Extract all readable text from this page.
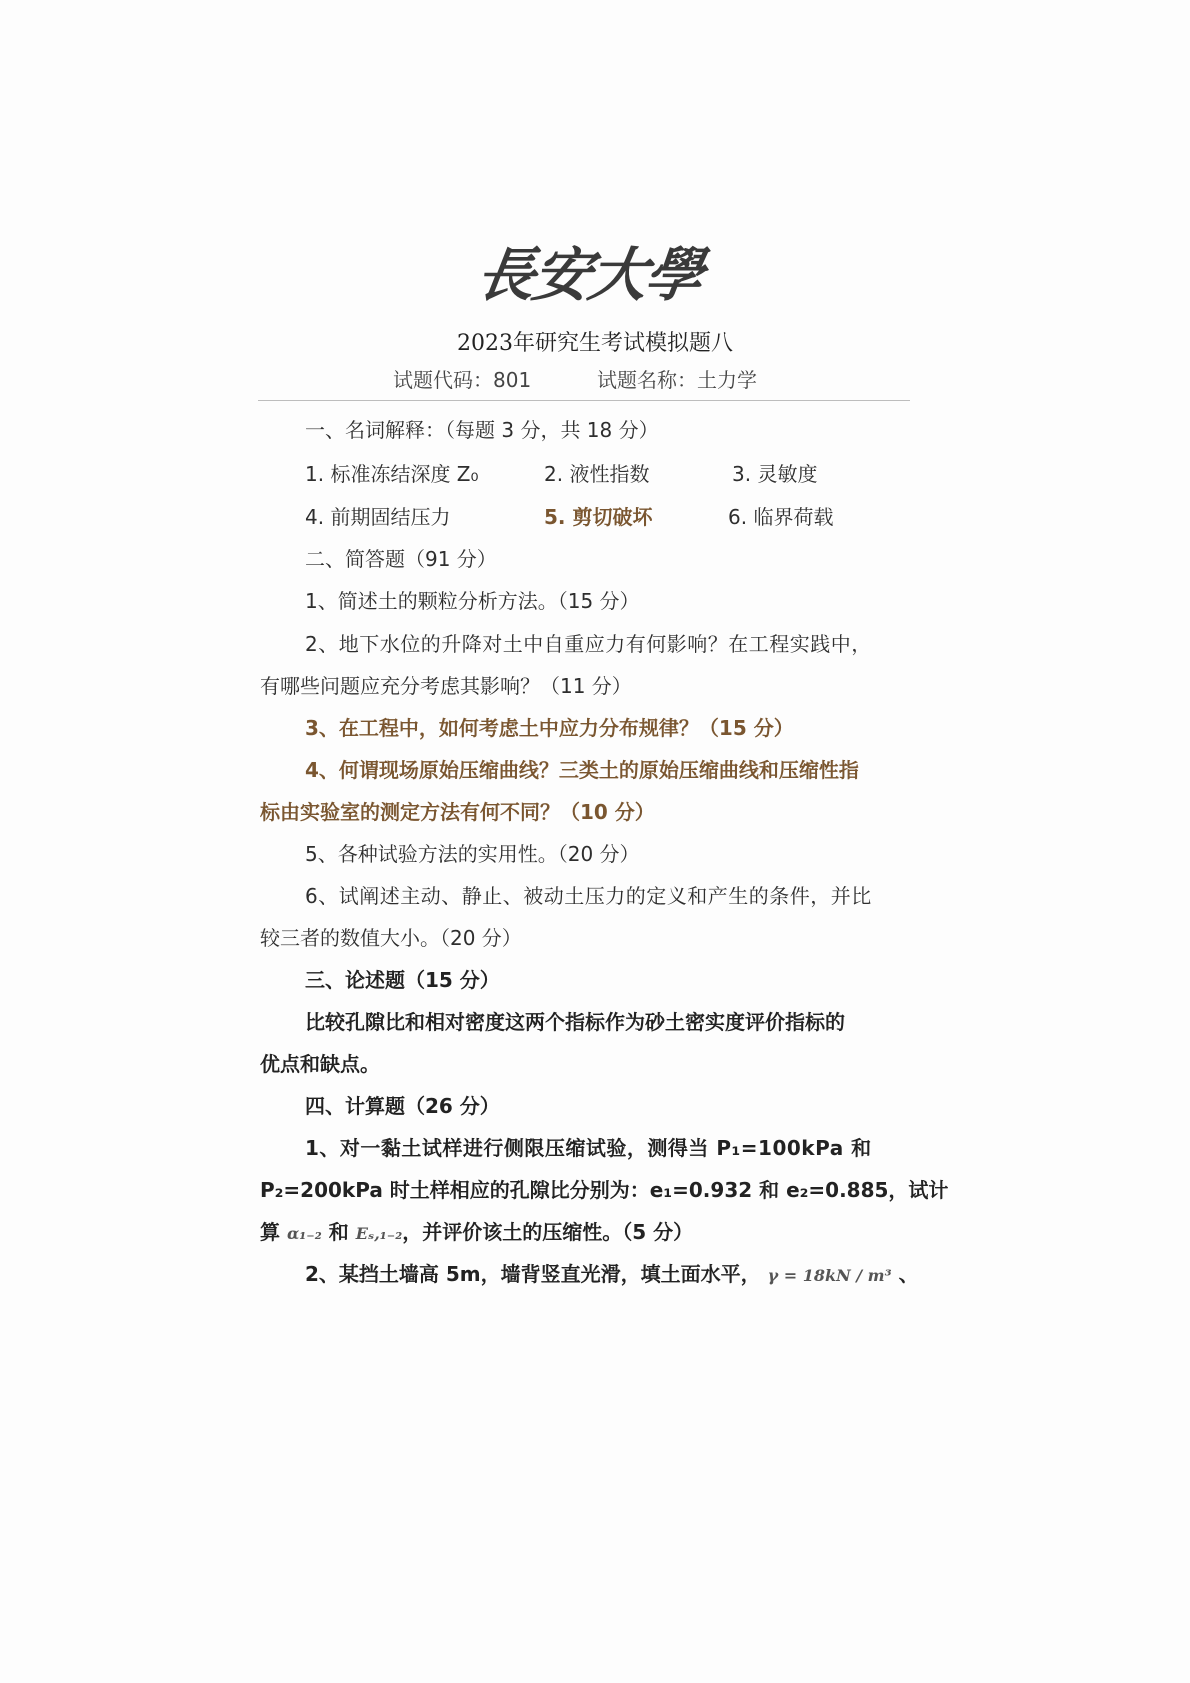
長安大學
2023年研究生考试模拟题八
试题代码：801	试题名称：土力学
一、名词解释：（每题 3 分，共 18 分）
1. 标准冻结深度 Z₀	2. 液性指数	3. 灵敏度
4. 前期固结压力	5. 剪切破坏	6. 临界荷载
二、简答题（91 分）
1、简述土的颗粒分析方法。（15 分）
2、地下水位的升降对土中自重应力有何影响？在工程实践中，
有哪些问题应充分考虑其影响？（11 分）
3、在工程中，如何考虑土中应力分布规律？（15 分）
4、何谓现场原始压缩曲线？三类土的原始压缩曲线和压缩性指
标由实验室的测定方法有何不同？（10 分）
5、各种试验方法的实用性。（20 分）
6、试阐述主动、静止、被动土压力的定义和产生的条件，并比
较三者的数值大小。（20 分）
三、论述题（15 分）
比较孔隙比和相对密度这两个指标作为砂土密实度评价指标的
优点和缺点。
四、计算题（26 分）
1、对一黏土试样进行侧限压缩试验，测得当 P₁=100kPa 和
P₂=200kPa 时土样相应的孔隙比分别为：e₁=0.932 和 e₂=0.885，试计
算 α₁₋₂ 和 Eₛ,₁₋₂，并评价该土的压缩性。（5 分）
2、某挡土墙高 5m，墙背竖直光滑，填土面水平， γ = 18kN / m³ 、
